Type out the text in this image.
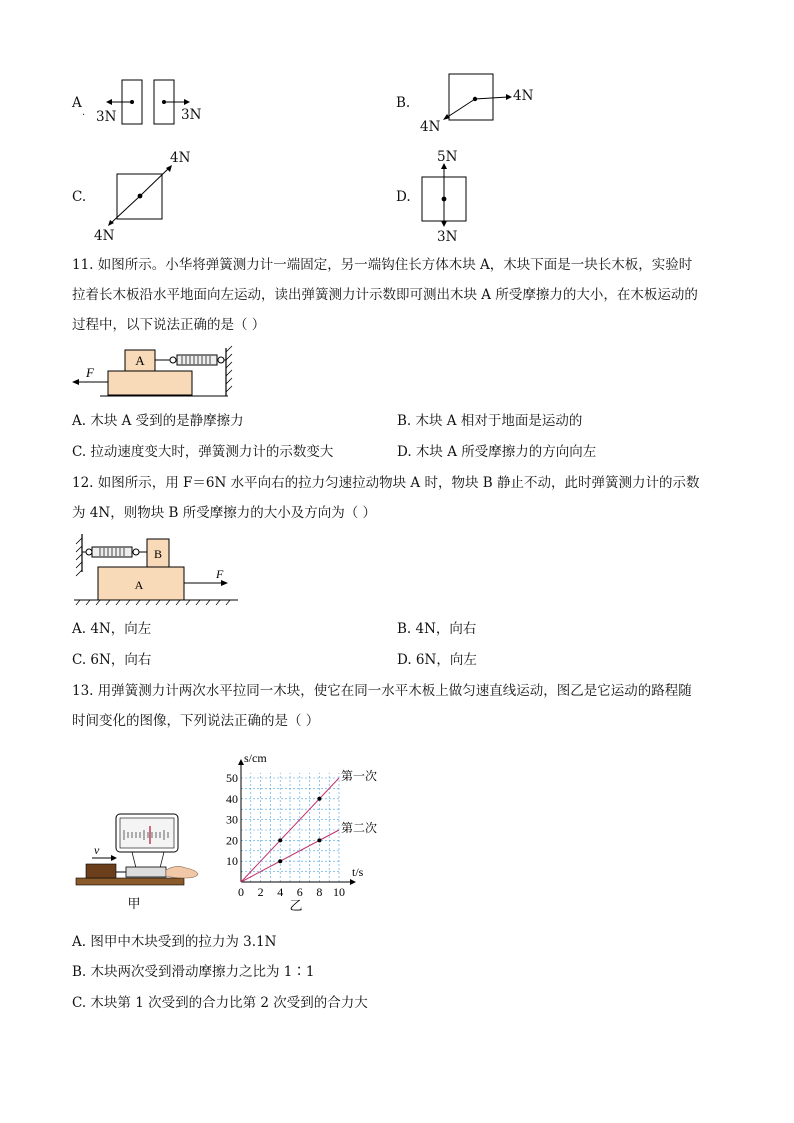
A
. 3N	3N
B.	4N
4N
C.
4N
4N
D.
5N
3N
11. 如图所示。小华将弹簧测力计一端固定，另一端钩住长方体木块 A，木块下面是一块长木板，实验时
拉着长木板沿水平地面向左运动，读出弹簧测力计示数即可测出木块 A 所受摩擦力的大小，在木板运动的
过程中，以下说法正确的是（ ）
A
F
A. 木块 A 受到的是静摩擦力	B. 木块 A 相对于地面是运动的
C. 拉动速度变大时，弹簧测力计的示数变大	D. 木块 A 所受摩擦力的方向向左
12. 如图所示，用 F＝6N 水平向右的拉力匀速拉动物块 A 时，物块 B 静止不动，此时弹簧测力计的示数
为 4N，则物块 B 所受摩擦力的大小及方向为（ ）
B
A
F
A. 4N，向左	B. 4N，向右
C. 6N，向右	D. 6N，向左
13. 用弹簧测力计两次水平拉同一木块，使它在同一水平木板上做匀速直线运动，图乙是它运动的路程随
时间变化的图像，下列说法正确的是（ ）
v
甲
0 2 4 6 8 10
10
20
30
40
50	第一次
第二次
s/cm
t/s
乙
A. 图甲中木块受到的拉力为 3.1N
B. 木块两次受到滑动摩擦力之比为 1∶1
C. 木块第 1 次受到的合力比第 2 次受到的合力大
